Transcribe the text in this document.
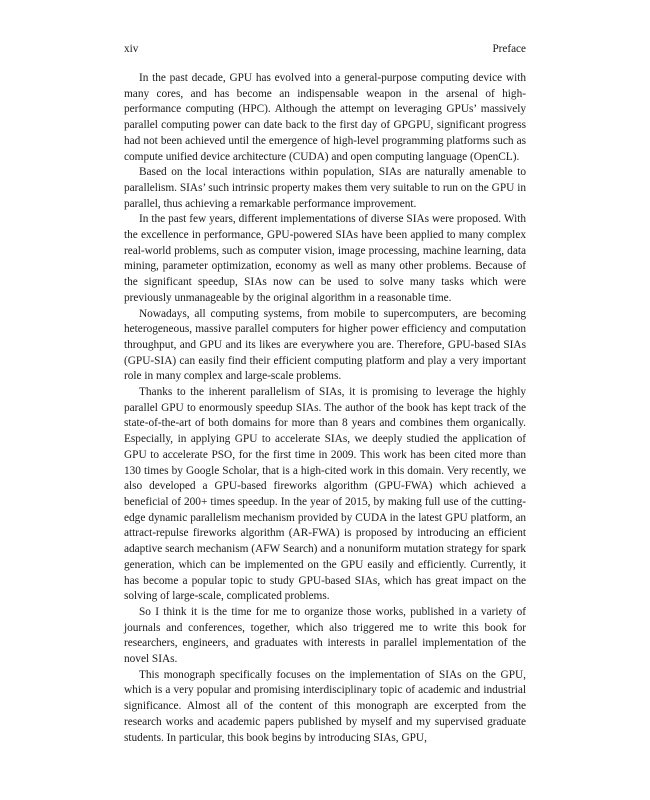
xiv	Preface

In the past decade, GPU has evolved into a general-purpose computing device with many cores, and has become an indispensable weapon in the arsenal of high-performance computing (HPC). Although the attempt on leveraging GPUs’ massively parallel computing power can date back to the first day of GPGPU, significant progress had not been achieved until the emergence of high-level programming platforms such as compute unified device architecture (CUDA) and open computing language (OpenCL).

Based on the local interactions within population, SIAs are naturally amenable to parallelism. SIAs’ such intrinsic property makes them very suitable to run on the GPU in parallel, thus achieving a remarkable performance improvement.

In the past few years, different implementations of diverse SIAs were proposed. With the excellence in performance, GPU-powered SIAs have been applied to many complex real-world problems, such as computer vision, image processing, machine learning, data mining, parameter optimization, economy as well as many other problems. Because of the significant speedup, SIAs now can be used to solve many tasks which were previously unmanageable by the original algorithm in a reasonable time.

Nowadays, all computing systems, from mobile to supercomputers, are becoming heterogeneous, massive parallel computers for higher power efficiency and computation throughput, and GPU and its likes are everywhere you are. Therefore, GPU-based SIAs (GPU-SIA) can easily find their efficient computing platform and play a very important role in many complex and large-scale problems.

Thanks to the inherent parallelism of SIAs, it is promising to leverage the highly parallel GPU to enormously speedup SIAs. The author of the book has kept track of the state-of-the-art of both domains for more than 8 years and combines them organically. Especially, in applying GPU to accelerate SIAs, we deeply studied the application of GPU to accelerate PSO, for the first time in 2009. This work has been cited more than 130 times by Google Scholar, that is a high-cited work in this domain. Very recently, we also developed a GPU-based fireworks algorithm (GPU-FWA) which achieved a beneficial of 200+ times speedup. In the year of 2015, by making full use of the cutting-edge dynamic parallelism mechanism provided by CUDA in the latest GPU platform, an attract-repulse fireworks algorithm (AR-FWA) is proposed by introducing an efficient adaptive search mechanism (AFW Search) and a nonuniform mutation strategy for spark generation, which can be implemented on the GPU easily and efficiently. Currently, it has become a popular topic to study GPU-based SIAs, which has great impact on the solving of large-scale, complicated problems.

So I think it is the time for me to organize those works, published in a variety of journals and conferences, together, which also triggered me to write this book for researchers, engineers, and graduates with interests in parallel implementation of the novel SIAs.

This monograph specifically focuses on the implementation of SIAs on the GPU, which is a very popular and promising interdisciplinary topic of academic and industrial significance. Almost all of the content of this monograph are excerpted from the research works and academic papers published by myself and my supervised graduate students. In particular, this book begins by introducing SIAs, GPU,
